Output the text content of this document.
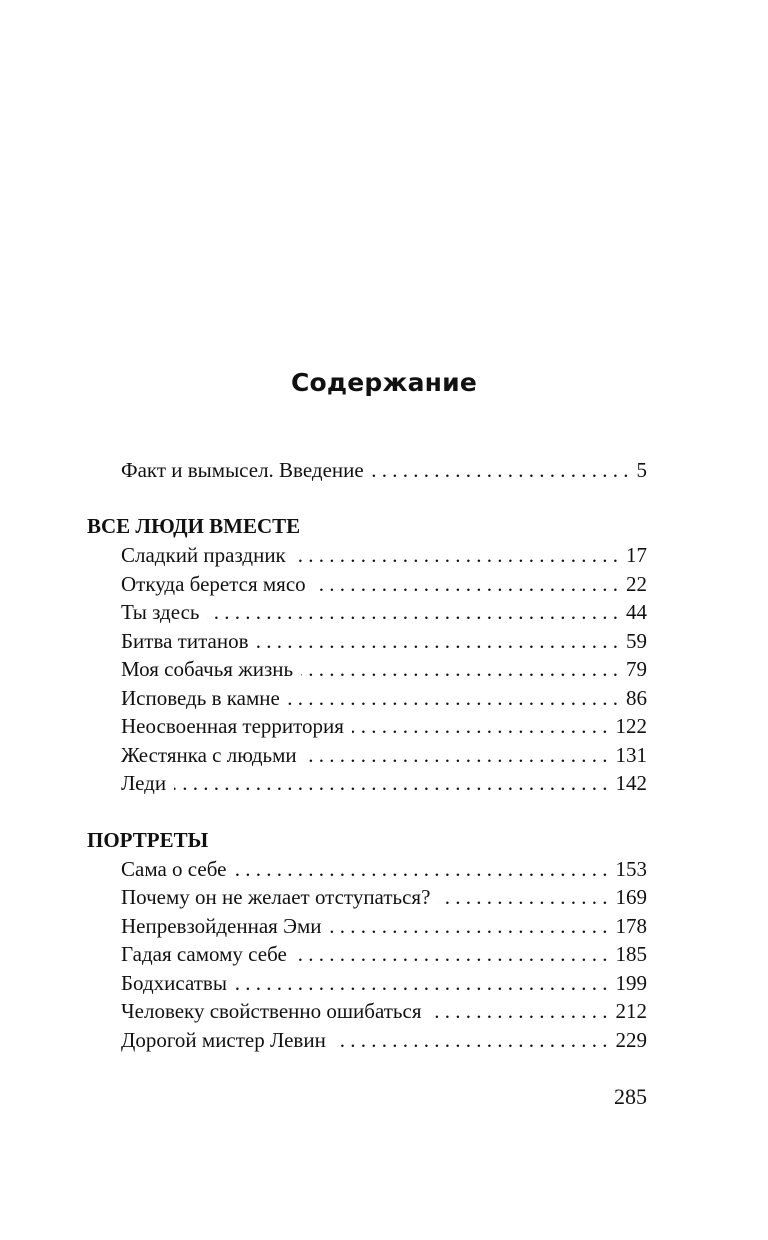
Содержание
Факт и вымысел. Введение . . .	5
ВСЕ ЛЮДИ ВМЕСТЕ
Сладкий праздник . . .	17
Откуда берется мясо . . .	22
Ты здесь . . .	44
Битва титанов . . .	59
Моя собачья жизнь . . .	79
Исповедь в камне . . .	86
Неосвоенная территория . . .	122
Жестянка с людьми . . .	131
Леди . . .	142
ПОРТРЕТЫ
Сама о себе . . .	153
Почему он не желает отступаться? . . .	169
Непревзойденная Эми . . .	178
Гадая самому себе . . .	185
Бодхисатвы . . .	199
Человеку свойственно ошибаться . . .	212
Дорогой мистер Левин . . .	229
285
